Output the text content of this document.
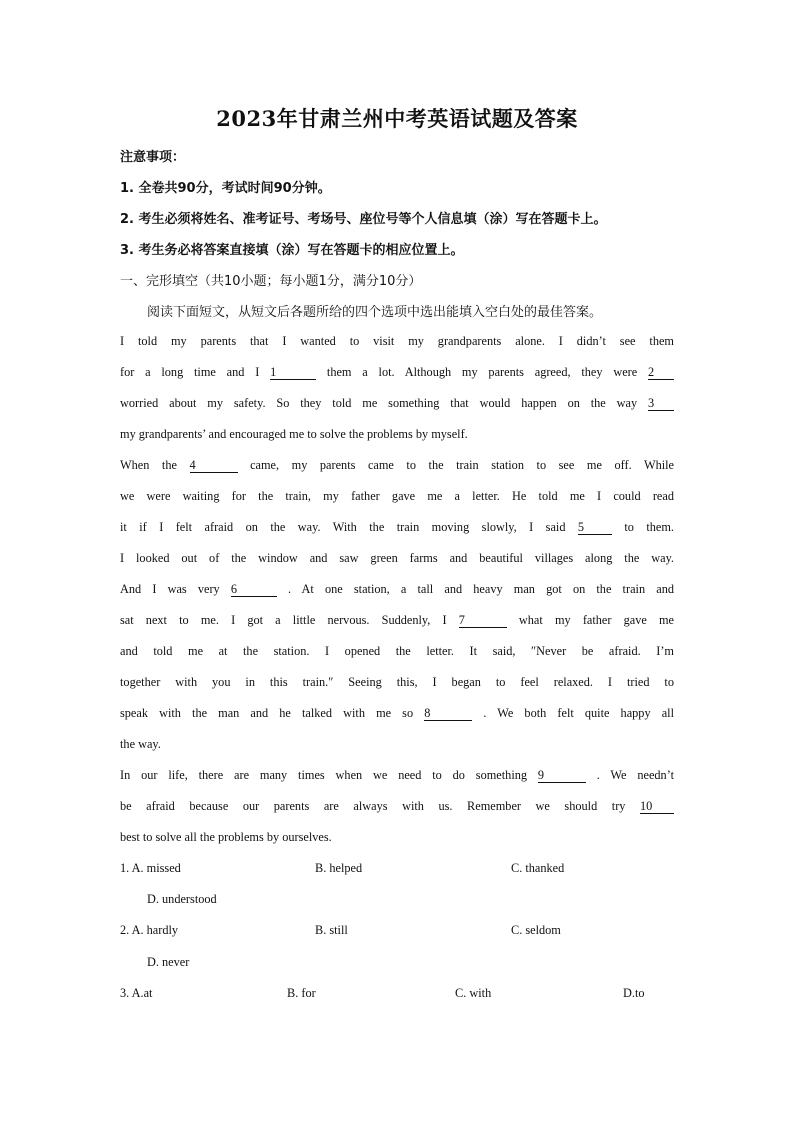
2023年甘肃兰州中考英语试题及答案
注意事项：
1. 全卷共90分，考试时间90分钟。
2. 考生必须将姓名、准考证号、考场号、座位号等个人信息填（涂）写在答题卡上。
3. 考生务必将答案直接填（涂）写在答题卡的相应位置上。
一、完形填空（共10小题；每小题1分，满分10分）
阅读下面短文，从短文后各题所给的四个选项中选出能填入空白处的最佳答案。
I told my parents that I wanted to visit my grandparents alone. I didn’t see them
for a long time and I 1	them a lot. Although my parents agreed, they were 2
worried about my safety. So they told me something that would happen on the way 3
my grandparents’ and encouraged me to solve the problems by myself.
When the 4	came, my parents came to the train station to see me off. While
we were waiting for the train, my father gave me a letter. He told me I could read
it if I felt afraid on the way. With the train moving slowly, I said 5	to them.
I looked out of the window and saw green farms and beautiful villages along the way.
And I was very 6	. At one station, a tall and heavy man got on the train and
sat next to me. I got a little nervous. Suddenly, I 7	what my father gave me
and told me at the station. I opened the letter. It said, ″Never be afraid. I’m
together with you in this train.″ Seeing this, I began to feel relaxed. I tried to
speak with the man and he talked with me so 8	. We both felt quite happy all
the way.
In our life, there are many times when we need to do something 9	. We needn’t
be afraid because our parents are always with us. Remember we should try 10
best to solve all the problems by ourselves.
1. A. missed	B. helped	C. thanked
D. understood
2. A. hardly	B. still	C. seldom
D. never
3. A.at	B. for	C. with	D.to
